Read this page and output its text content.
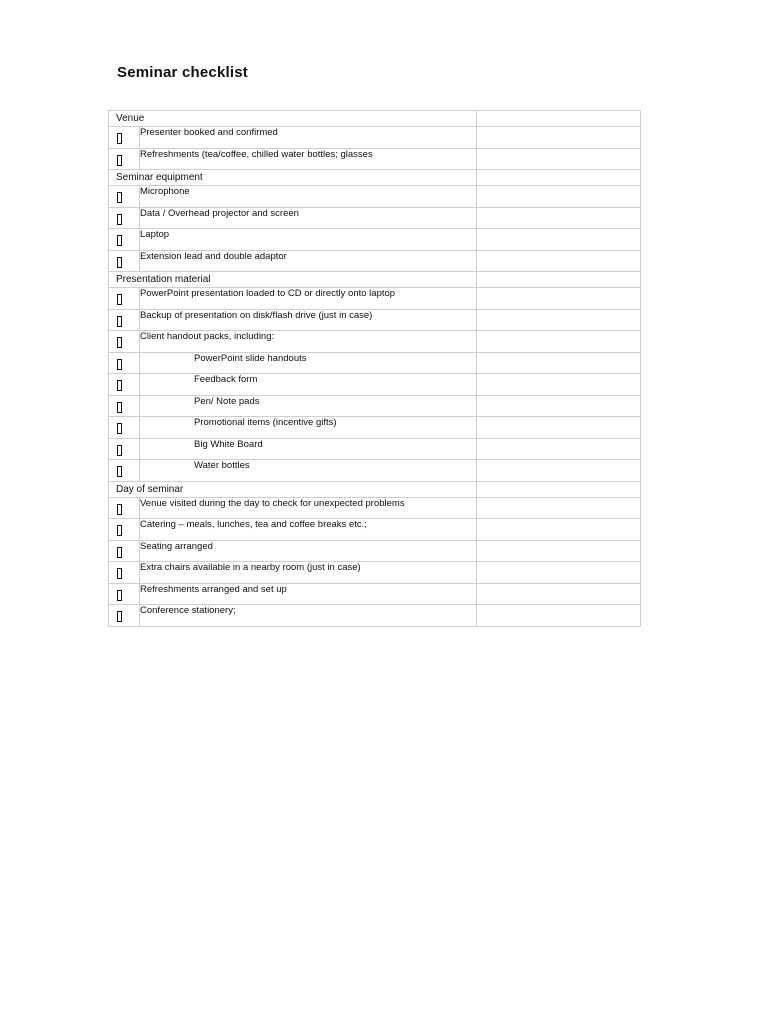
Seminar checklist
Venue		

	Presenter booked and confirmed	

	Refreshments (tea/coffee, chilled water bottles; glasses	
Seminar equipment		

	Microphone	

	Data / Overhead projector and screen	

	Laptop	

	Extension lead and double adaptor	
Presentation material		

	PowerPoint presentation loaded to CD or directly onto laptop	

	Backup of presentation on disk/flash drive (just in case)	

	Client handout packs, including:	

	PowerPoint slide handouts	

	Feedback form	

	Pen/ Note pads	

	Promotional items (incentive gifts)	

	Big White Board	

	Water bottles	
Day of seminar		

	Venue visited during the day to check for unexpected problems	

	Catering – meals, lunches, tea and coffee breaks etc.;	

	Seating arranged	

	Extra chairs available in a nearby room (just in case)	

	Refreshments arranged and set up	

	Conference stationery;	
